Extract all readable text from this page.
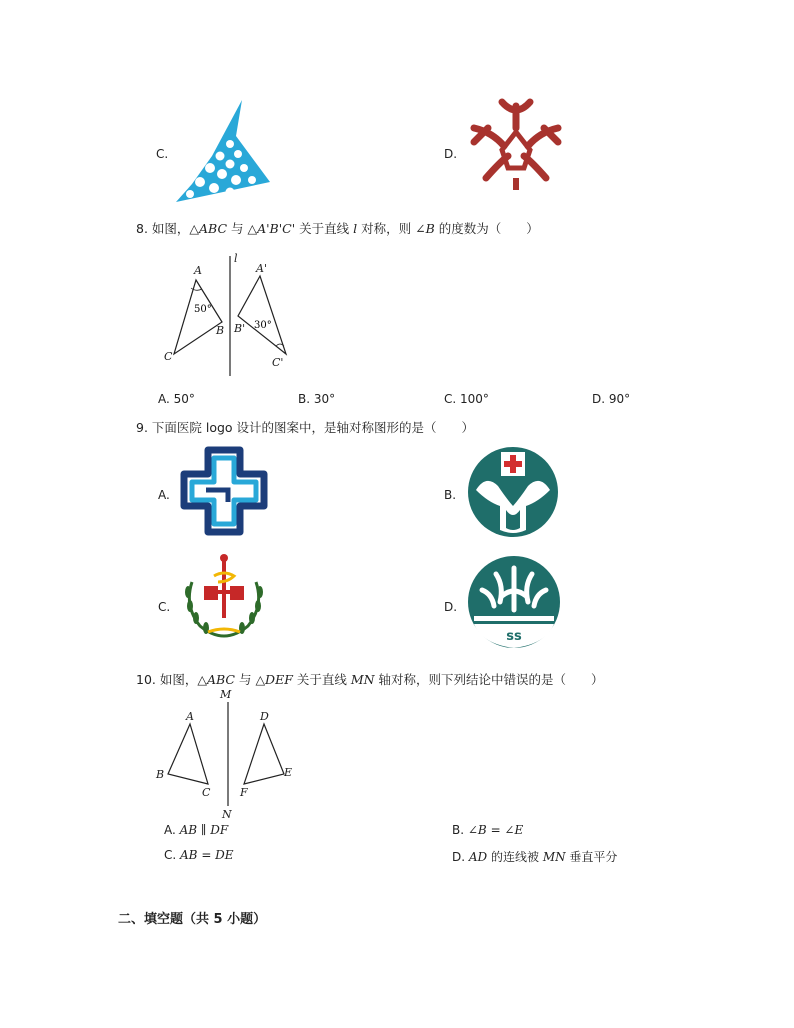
C.	D.
8. 如图，△ABC 与 △A'B'C' 关于直线 l 对称，则 ∠B 的度数为（　　）
l
A
B
C
50°
A'
B'
C'
30°
A. 50°	B. 30°	C. 100°	D. 90°
9. 下面医院 logo 设计的图案中，是轴对称图形的是（　　）
A.	B.
C.	D.
ss
10. 如图，△ABC 与 △DEF 关于直线 MN 轴对称，则下列结论中错误的是（　　）
M
N
A
B
C
D
E
F
A. AB ∥ DF	B. ∠B = ∠E
C. AB = DE	D. AD 的连线被 MN 垂直平分
二、填空题（共 5 小题）
